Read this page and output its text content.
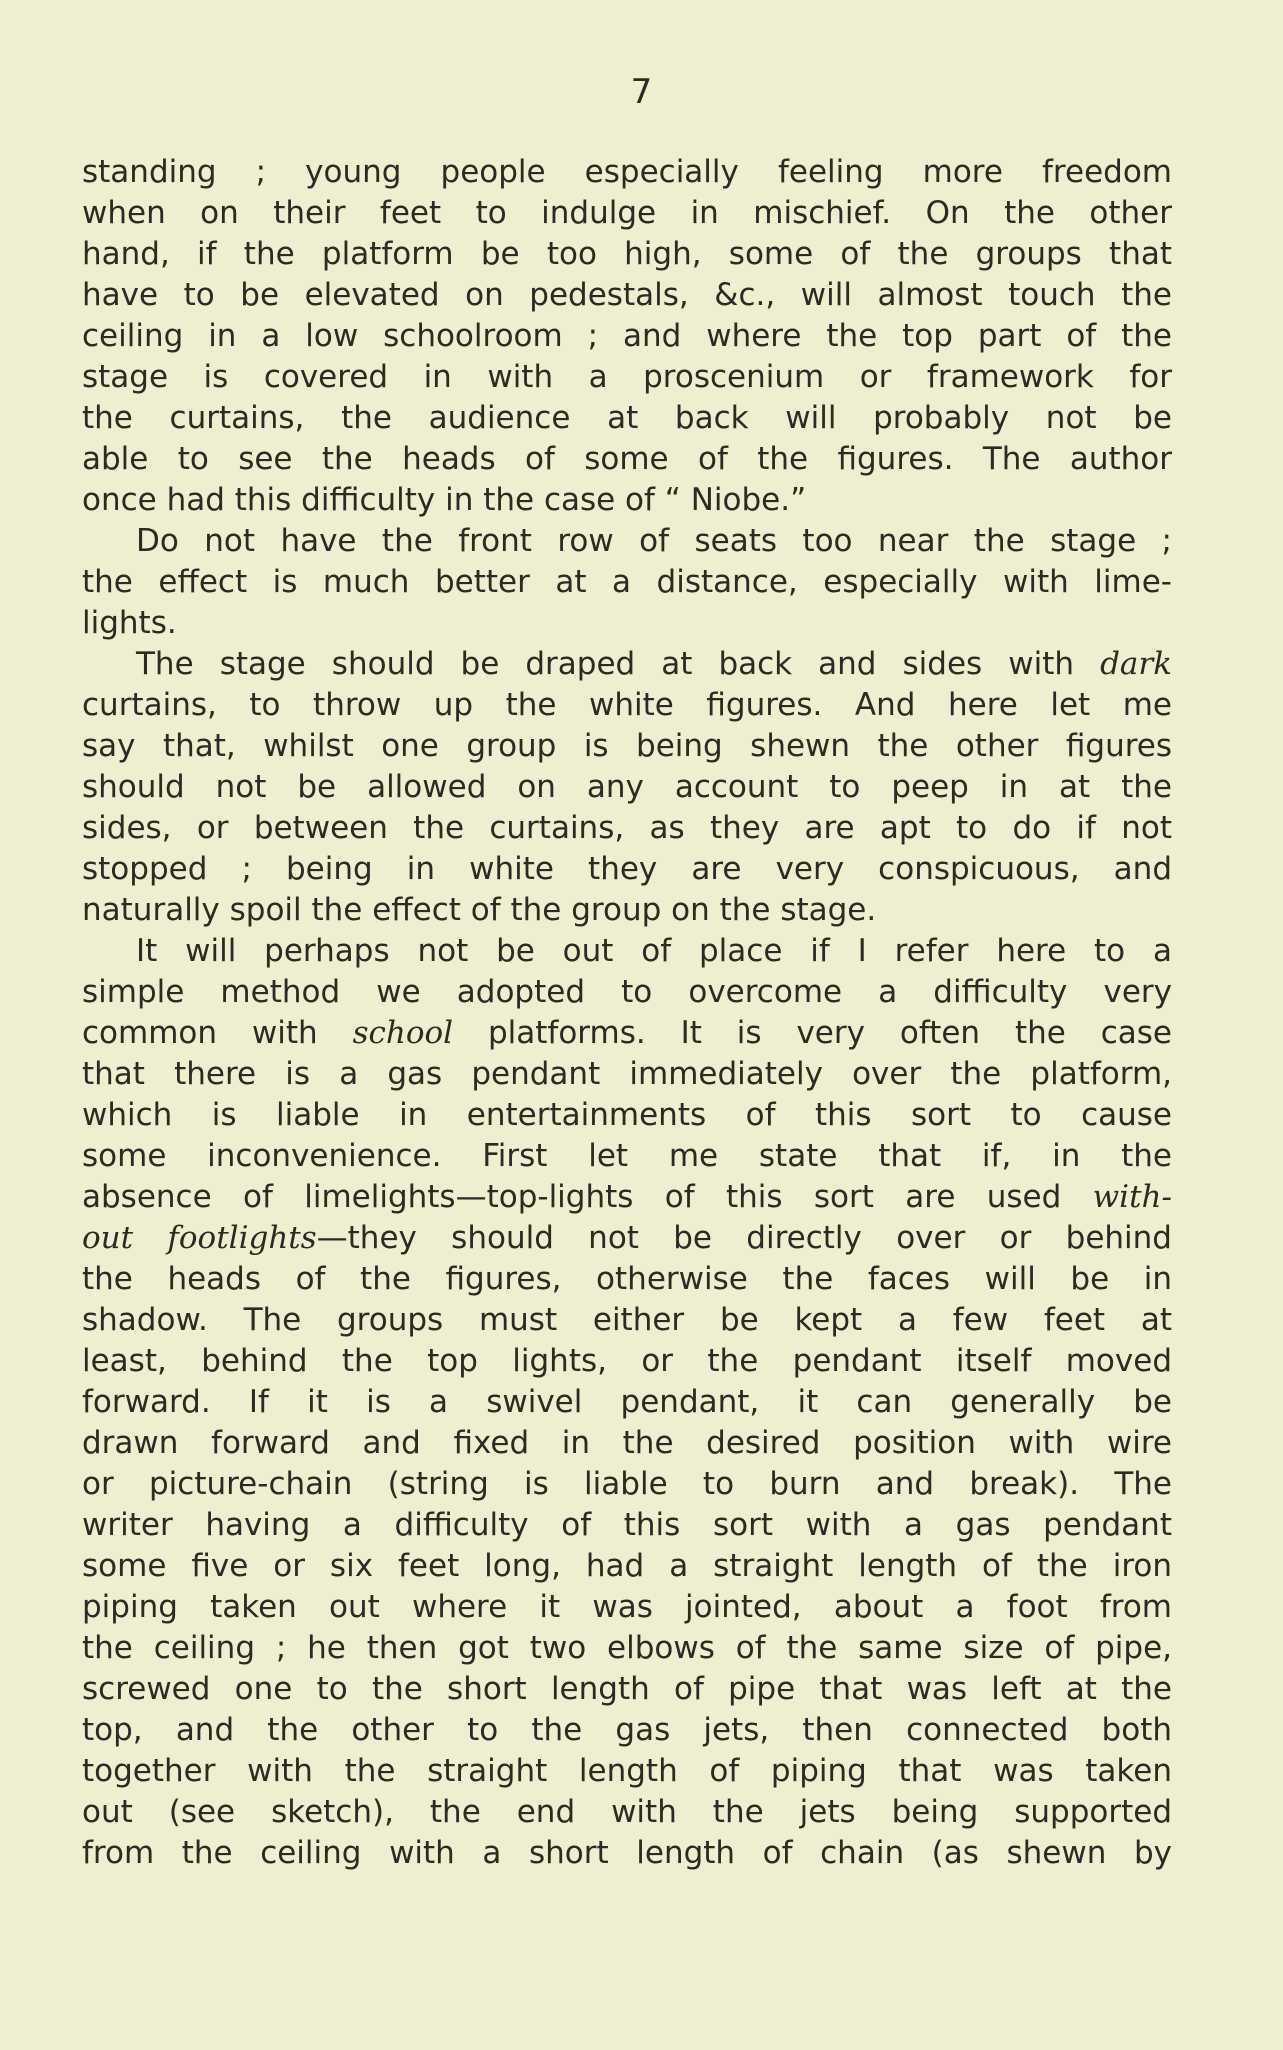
7
standing ; young people especially feeling more freedom
when on their feet to indulge in mischief. On the other
hand, if the platform be too high, some of the groups that
have to be elevated on pedestals, &c., will almost touch the
ceiling in a low schoolroom ; and where the top part of the
stage is covered in with a proscenium or framework for
the curtains, the audience at back will probably not be
able to see the heads of some of the figures. The author
once had this difficulty in the case of “ Niobe.”
Do not have the front row of seats too near the stage ;
the effect is much better at a distance, especially with lime-
lights.
The stage should be draped at back and sides with dark
curtains, to throw up the white figures. And here let me
say that, whilst one group is being shewn the other figures
should not be allowed on any account to peep in at the
sides, or between the curtains, as they are apt to do if not
stopped ; being in white they are very conspicuous, and
naturally spoil the effect of the group on the stage.
It will perhaps not be out of place if I refer here to a
simple method we adopted to overcome a difficulty very
common with school platforms. It is very often the case
that there is a gas pendant immediately over the platform,
which is liable in entertainments of this sort to cause
some inconvenience. First let me state that if, in the
absence of limelights—top-lights of this sort are used with-
out footlights—they should not be directly over or behind
the heads of the figures, otherwise the faces will be in
shadow. The groups must either be kept a few feet at
least, behind the top lights, or the pendant itself moved
forward. If it is a swivel pendant, it can generally be
drawn forward and fixed in the desired position with wire
or picture-chain (string is liable to burn and break). The
writer having a difficulty of this sort with a gas pendant
some five or six feet long, had a straight length of the iron
piping taken out where it was jointed, about a foot from
the ceiling ; he then got two elbows of the same size of pipe,
screwed one to the short length of pipe that was left at the
top, and the other to the gas jets, then connected both
together with the straight length of piping that was taken
out (see sketch), the end with the jets being supported
from the ceiling with a short length of chain (as shewn by
